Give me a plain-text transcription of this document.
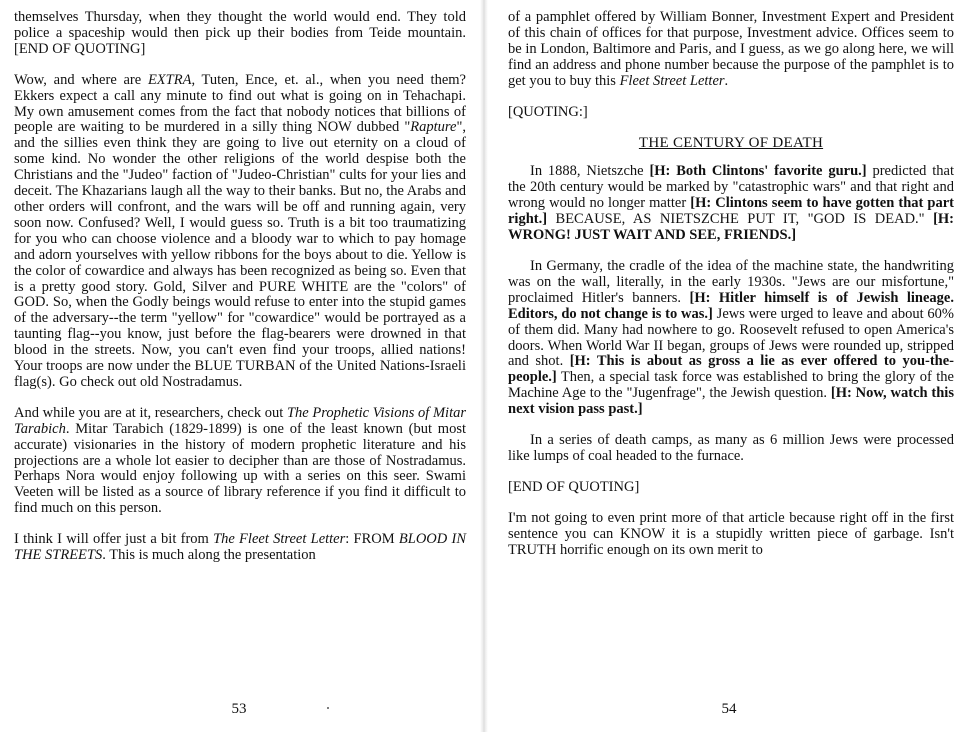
themselves Thursday, when they thought the world would end. They told police a spaceship would then pick up their bodies from Teide mountain. [END OF QUOTING]

Wow, and where are EXTRA, Tuten, Ence, et. al., when you need them? Ekkers expect a call any minute to find out what is going on in Tehachapi. My own amusement comes from the fact that nobody notices that billions of people are waiting to be murdered in a silly thing NOW dubbed "Rapture", and the sillies even think they are going to live out eternity on a cloud of some kind. No wonder the other religions of the world despise both the Christians and the "Judeo" faction of "Judeo-Christian" cults for your lies and deceit. The Khazarians laugh all the way to their banks. But no, the Arabs and other orders will confront, and the wars will be off and running again, very soon now. Confused? Well, I would guess so. Truth is a bit too traumatizing for you who can choose violence and a bloody war to which to pay homage and adorn yourselves with yellow ribbons for the boys about to die. Yellow is the color of cowardice and always has been recognized as being so. Even that is a pretty good story. Gold, Silver and PURE WHITE are the "colors" of GOD. So, when the Godly beings would refuse to enter into the stupid games of the adversary--the term "yellow" for "cowardice" would be portrayed as a taunting flag--you know, just before the flag-bearers were drowned in that blood in the streets. Now, you can't even find your troops, allied nations! Your troops are now under the BLUE TURBAN of the United Nations-Israeli flag(s). Go check out old Nostradamus.

And while you are at it, researchers, check out The Prophetic Visions of Mitar Tarabich. Mitar Tarabich (1829-1899) is one of the least known (but most accurate) visionaries in the history of modern prophetic literature and his projections are a whole lot easier to decipher than are those of Nostradamus. Perhaps Nora would enjoy following up with a series on this seer. Swami Veeten will be listed as a source of library reference if you find it difficult to find much on this person.

I think I will offer just a bit from The Fleet Street Letter: FROM BLOOD IN THE STREETS. This is much along the presentation

53

of a pamphlet offered by William Bonner, Investment Expert and President of this chain of offices for that purpose, Investment advice. Offices seem to be in London, Baltimore and Paris, and I guess, as we go along here, we will find an address and phone number because the purpose of the pamphlet is to get you to buy this Fleet Street Letter.

[QUOTING:]

THE CENTURY OF DEATH

In 1888, Nietszche [H: Both Clintons' favorite guru.] predicted that the 20th century would be marked by "catastrophic wars" and that right and wrong would no longer matter [H: Clintons seem to have gotten that part right.] BECAUSE, AS NIETSZCHE PUT IT, "GOD IS DEAD." [H: WRONG! JUST WAIT AND SEE, FRIENDS.]

In Germany, the cradle of the idea of the machine state, the handwriting was on the wall, literally, in the early 1930s. "Jews are our misfortune," proclaimed Hitler's banners. [H: Hitler himself is of Jewish lineage. Editors, do not change is to was.] Jews were urged to leave and about 60% of them did. Many had nowhere to go. Roosevelt refused to open America's doors. When World War II began, groups of Jews were rounded up, stripped and shot. [H: This is about as gross a lie as ever offered to you-the-people.] Then, a special task force was established to bring the glory of the Machine Age to the "Jugenfrage", the Jewish question. [H: Now, watch this next vision pass past.]

In a series of death camps, as many as 6 million Jews were processed like lumps of coal headed to the furnace.

[END OF QUOTING]

I'm not going to even print more of that article because right off in the first sentence you can KNOW it is a stupidly written piece of garbage. Isn't TRUTH horrific enough on its own merit to

54
